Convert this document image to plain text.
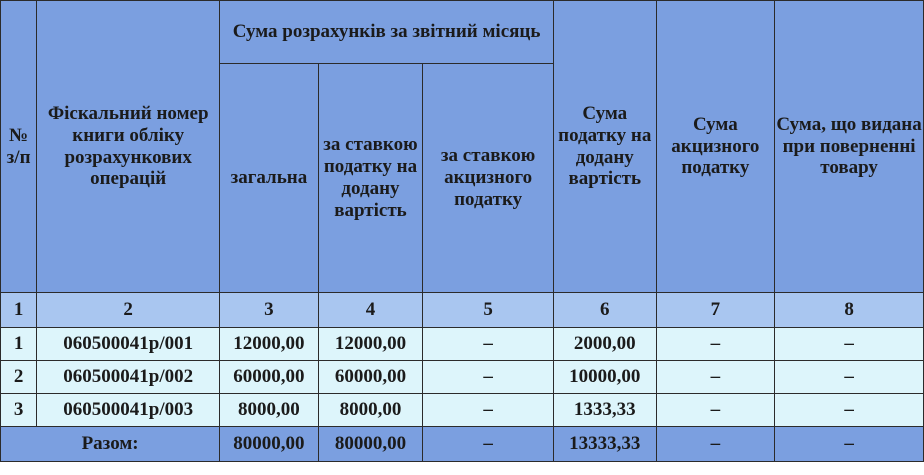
№ з/п	Фіскальний номер книги обліку розрахункових операцій	Сума розрахунків за звітний місяць			Сума податку на додану вартість	Сума акцизного податку	Сума, що видана при поверненні товару
		загальна	за ставкою податку на додану вартість	за ставкою акцизного податку			
1	2	3	4	5	6	7	8
1	060500041р/001	12000,00	12000,00	–	2000,00	–	–
2	060500041р/002	60000,00	60000,00	–	10000,00	–	–
3	060500041р/003	8000,00	8000,00	–	1333,33	–	–
Разом:		80000,00	80000,00	–	13333,33	–	–
